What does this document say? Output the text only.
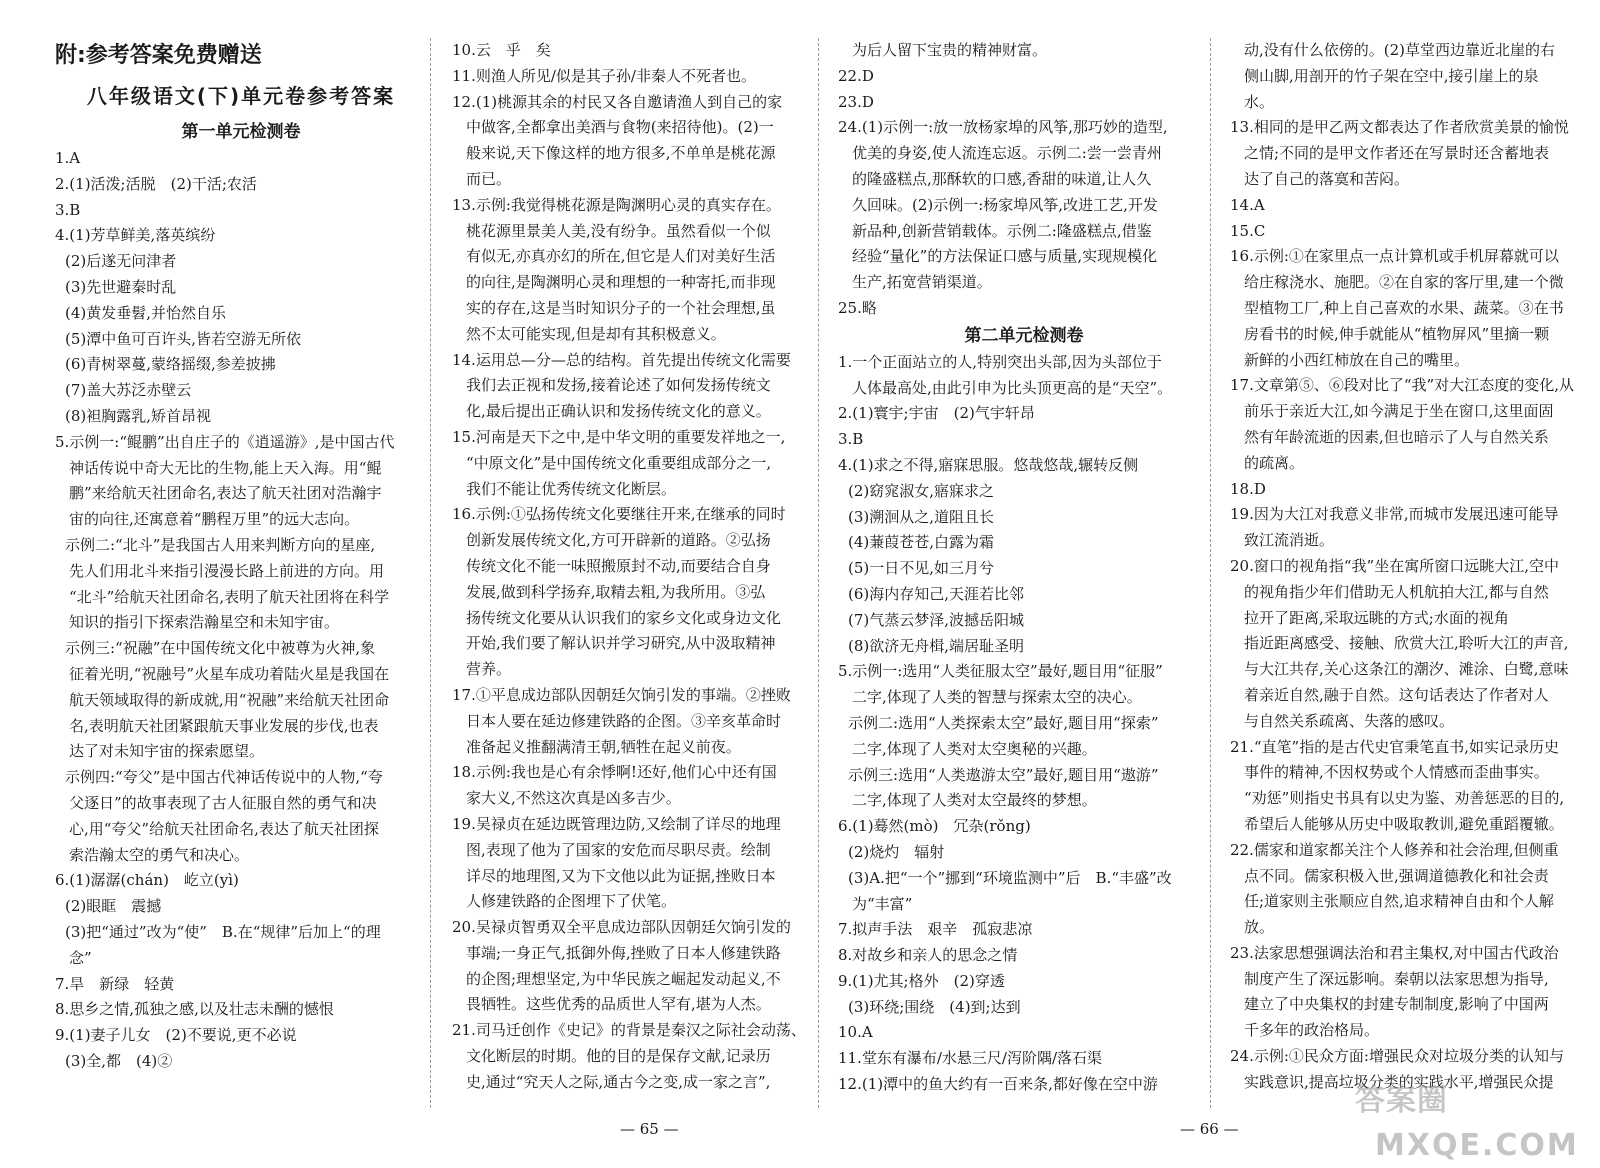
附:参考答案免费赠送
八年级语文(下)单元卷参考答案
第一单元检测卷
1.A
2.(1)活泼;活脱　(2)干活;农活
3.B
4.(1)芳草鲜美,落英缤纷
(2)后遂无问津者
(3)先世避秦时乱
(4)黄发垂髫,并怡然自乐
(5)潭中鱼可百许头,皆若空游无所依
(6)青树翠蔓,蒙络摇缀,参差披拂
(7)盖大苏泛赤壁云
(8)袒胸露乳,矫首昂视
5.示例一:“鲲鹏”出自庄子的《逍遥游》,是中国古代
神话传说中奇大无比的生物,能上天入海。用“鲲
鹏”来给航天社团命名,表达了航天社团对浩瀚宇
宙的向往,还寓意着“鹏程万里”的远大志向。
示例二:“北斗”是我国古人用来判断方向的星座,
先人们用北斗来指引漫漫长路上前进的方向。用
“北斗”给航天社团命名,表明了航天社团将在科学
知识的指引下探索浩瀚星空和未知宇宙。
示例三:“祝融”在中国传统文化中被尊为火神,象
征着光明,“祝融号”火星车成功着陆火星是我国在
航天领域取得的新成就,用“祝融”来给航天社团命
名,表明航天社团紧跟航天事业发展的步伐,也表
达了对未知宇宙的探索愿望。
示例四:“夸父”是中国古代神话传说中的人物,“夸
父逐日”的故事表现了古人征服自然的勇气和决
心,用“夸父”给航天社团命名,表达了航天社团探
索浩瀚太空的勇气和决心。
6.(1)潺潺(chán)　屹立(yì)
(2)眼眶　震撼
(3)把“通过”改为“使”　B.在“规律”后加上“的理
念”
7.旱　新绿　轻黄
8.思乡之情,孤独之感,以及壮志未酬的憾恨
9.(1)妻子儿女　(2)不要说,更不必说
(3)全,都　(4)②
10.云　乎　矣
11.则渔人所见/似是其子孙/非秦人不死者也。
12.(1)桃源其余的村民又各自邀请渔人到自己的家
中做客,全都拿出美酒与食物(来招待他)。(2)一
般来说,天下像这样的地方很多,不单单是桃花源
而已。
13.示例:我觉得桃花源是陶渊明心灵的真实存在。
桃花源里景美人美,没有纷争。虽然看似一个似
有似无,亦真亦幻的所在,但它是人们对美好生活
的向往,是陶渊明心灵和理想的一种寄托,而非现
实的存在,这是当时知识分子的一个社会理想,虽
然不太可能实现,但是却有其积极意义。
14.运用总—分—总的结构。首先提出传统文化需要
我们去正视和发扬,接着论述了如何发扬传统文
化,最后提出正确认识和发扬传统文化的意义。
15.河南是天下之中,是中华文明的重要发祥地之一,
“中原文化”是中国传统文化重要组成部分之一,
我们不能让优秀传统文化断层。
16.示例:①弘扬传统文化要继往开来,在继承的同时
创新发展传统文化,方可开辟新的道路。②弘扬
传统文化不能一味照搬原封不动,而要结合自身
发展,做到科学扬弃,取精去粗,为我所用。③弘
扬传统文化要从认识我们的家乡文化或身边文化
开始,我们要了解认识并学习研究,从中汲取精神
营养。
17.①平息成边部队因朝廷欠饷引发的事端。②挫败
日本人要在延边修建铁路的企图。③辛亥革命时
准备起义推翻满清王朝,牺牲在起义前夜。
18.示例:我也是心有余悸啊!还好,他们心中还有国
家大义,不然这次真是凶多吉少。
19.吴禄贞在延边既管理边防,又绘制了详尽的地理
图,表现了他为了国家的安危而尽职尽责。绘制
详尽的地理图,又为下文他以此为证据,挫败日本
人修建铁路的企图埋下了伏笔。
20.吴禄贞智勇双全平息成边部队因朝廷欠饷引发的
事端;一身正气,抵御外侮,挫败了日本人修建铁路
的企图;理想坚定,为中华民族之崛起发动起义,不
畏牺牲。这些优秀的品质世人罕有,堪为人杰。
21.司马迁创作《史记》的背景是秦汉之际社会动荡、
文化断层的时期。他的目的是保存文献,记录历
史,通过“究天人之际,通古今之变,成一家之言”,
为后人留下宝贵的精神财富。
22.D
23.D
24.(1)示例一:放一放杨家埠的风筝,那巧妙的造型,
优美的身姿,使人流连忘返。示例二:尝一尝青州
的隆盛糕点,那酥软的口感,香甜的味道,让人久
久回味。(2)示例一:杨家埠风筝,改进工艺,开发
新品种,创新营销载体。示例二:隆盛糕点,借鉴
经验“量化”的方法保证口感与质量,实现规模化
生产,拓宽营销渠道。
25.略
第二单元检测卷
1.一个正面站立的人,特别突出头部,因为头部位于
人体最高处,由此引申为比头顶更高的是“天空”。
2.(1)寰宇;宇宙　(2)气宇轩昂
3.B
4.(1)求之不得,寤寐思服。悠哉悠哉,辗转反侧
(2)窈窕淑女,寤寐求之
(3)溯洄从之,道阻且长
(4)蒹葭苍苍,白露为霜
(5)一日不见,如三月兮
(6)海内存知己,天涯若比邻
(7)气蒸云梦泽,波撼岳阳城
(8)欲济无舟楫,端居耻圣明
5.示例一:选用“人类征服太空”最好,题目用“征服”
二字,体现了人类的智慧与探索太空的决心。
示例二:选用“人类探索太空”最好,题目用“探索”
二字,体现了人类对太空奥秘的兴趣。
示例三:选用“人类遨游太空”最好,题目用“遨游”
二字,体现了人类对太空最终的梦想。
6.(1)蓦然(mò)　冗杂(rǒng)
(2)烧灼　辐射
(3)A.把“一个”挪到“环境监测中”后　B.“丰盛”改
为“丰富”
7.拟声手法　艰辛　孤寂悲凉
8.对故乡和亲人的思念之情
9.(1)尤其;格外　(2)穿透
(3)环绕;围绕　(4)到;达到
10.A
11.堂东有瀑布/水悬三尺/泻阶隅/落石渠
12.(1)潭中的鱼大约有一百来条,都好像在空中游
动,没有什么依傍的。(2)草堂西边靠近北崖的右
侧山脚,用剖开的竹子架在空中,接引崖上的泉
水。
13.相同的是甲乙两文都表达了作者欣赏美景的愉悦
之情;不同的是甲文作者还在写景时还含蓄地表
达了自己的落寞和苦闷。
14.A
15.C
16.示例:①在家里点一点计算机或手机屏幕就可以
给庄稼浇水、施肥。②在自家的客厅里,建一个微
型植物工厂,种上自己喜欢的水果、蔬菜。③在书
房看书的时候,伸手就能从“植物屏风”里摘一颗
新鲜的小西红柿放在自己的嘴里。
17.文章第⑤、⑥段对比了“我”对大江态度的变化,从
前乐于亲近大江,如今满足于坐在窗口,这里面固
然有年龄流逝的因素,但也暗示了人与自然关系
的疏离。
18.D
19.因为大江对我意义非常,而城市发展迅速可能导
致江流消逝。
20.窗口的视角指“我”坐在寓所窗口远眺大江,空中
的视角指少年们借助无人机航拍大江,都与自然
拉开了距离,采取远眺的方式;水面的视角
指近距离感受、接触、欣赏大江,聆听大江的声音,
与大江共存,关心这条江的潮汐、滩涂、白鹭,意味
着亲近自然,融于自然。这句话表达了作者对人
与自然关系疏离、失落的感叹。
21.“直笔”指的是古代史官秉笔直书,如实记录历史
事件的精神,不因权势或个人情感而歪曲事实。
“劝惩”则指史书具有以史为鉴、劝善惩恶的目的,
希望后人能够从历史中吸取教训,避免重蹈覆辙。
22.儒家和道家都关注个人修养和社会治理,但侧重
点不同。儒家积极入世,强调道德教化和社会责
任;道家则主张顺应自然,追求精神自由和个人解
放。
23.法家思想强调法治和君主集权,对中国古代政治
制度产生了深远影响。秦朝以法家思想为指导,
建立了中央集权的封建专制制度,影响了中国两
千多年的政治格局。
24.示例:①民众方面:增强民众对垃圾分类的认知与
实践意识,提高垃圾分类的实践水平,增强民众提
— 65 —	— 66 —
答案圈
MXQE.COM
